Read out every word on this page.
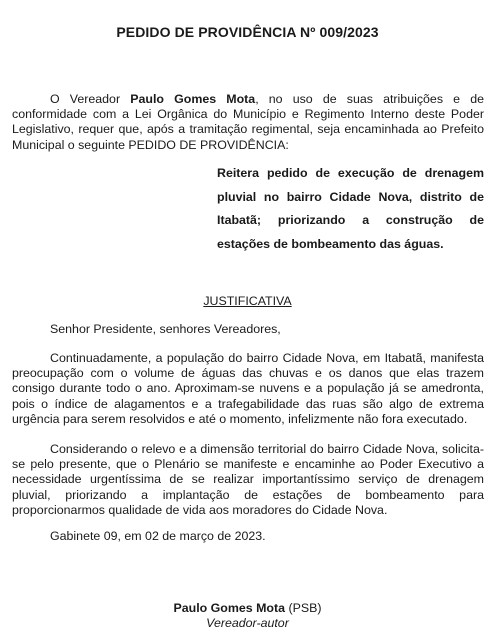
PEDIDO DE PROVIDÊNCIA Nº 009/2023
O Vereador Paulo Gomes Mota, no uso de suas atribuições e de conformidade com a Lei Orgânica do Município e Regimento Interno deste Poder Legislativo, requer que, após a tramitação regimental, seja encaminhada ao Prefeito Municipal o seguinte PEDIDO DE PROVIDÊNCIA:
Reitera pedido de execução de drenagem pluvial no bairro Cidade Nova, distrito de Itabatã; priorizando a construção de estações de bombeamento das águas.
JUSTIFICATIVA
Senhor Presidente, senhores Vereadores,
Continuadamente, a população do bairro Cidade Nova, em Itabatã, manifesta preocupação com o volume de águas das chuvas e os danos que elas trazem consigo durante todo o ano. Aproximam-se nuvens e a população já se amedronta, pois o índice de alagamentos e a trafegabilidade das ruas são algo de extrema urgência para serem resolvidos e até o momento, infelizmente não fora executado.
Considerando o relevo e a dimensão territorial do bairro Cidade Nova, solicita-se pelo presente, que o Plenário se manifeste e encaminhe ao Poder Executivo a necessidade urgentíssima de se realizar importantíssimo serviço de drenagem pluvial, priorizando a implantação de estações de bombeamento para proporcionarmos qualidade de vida aos moradores do Cidade Nova.
Gabinete 09, em 02 de março de 2023.
Paulo Gomes Mota (PSB)
Vereador-autor
